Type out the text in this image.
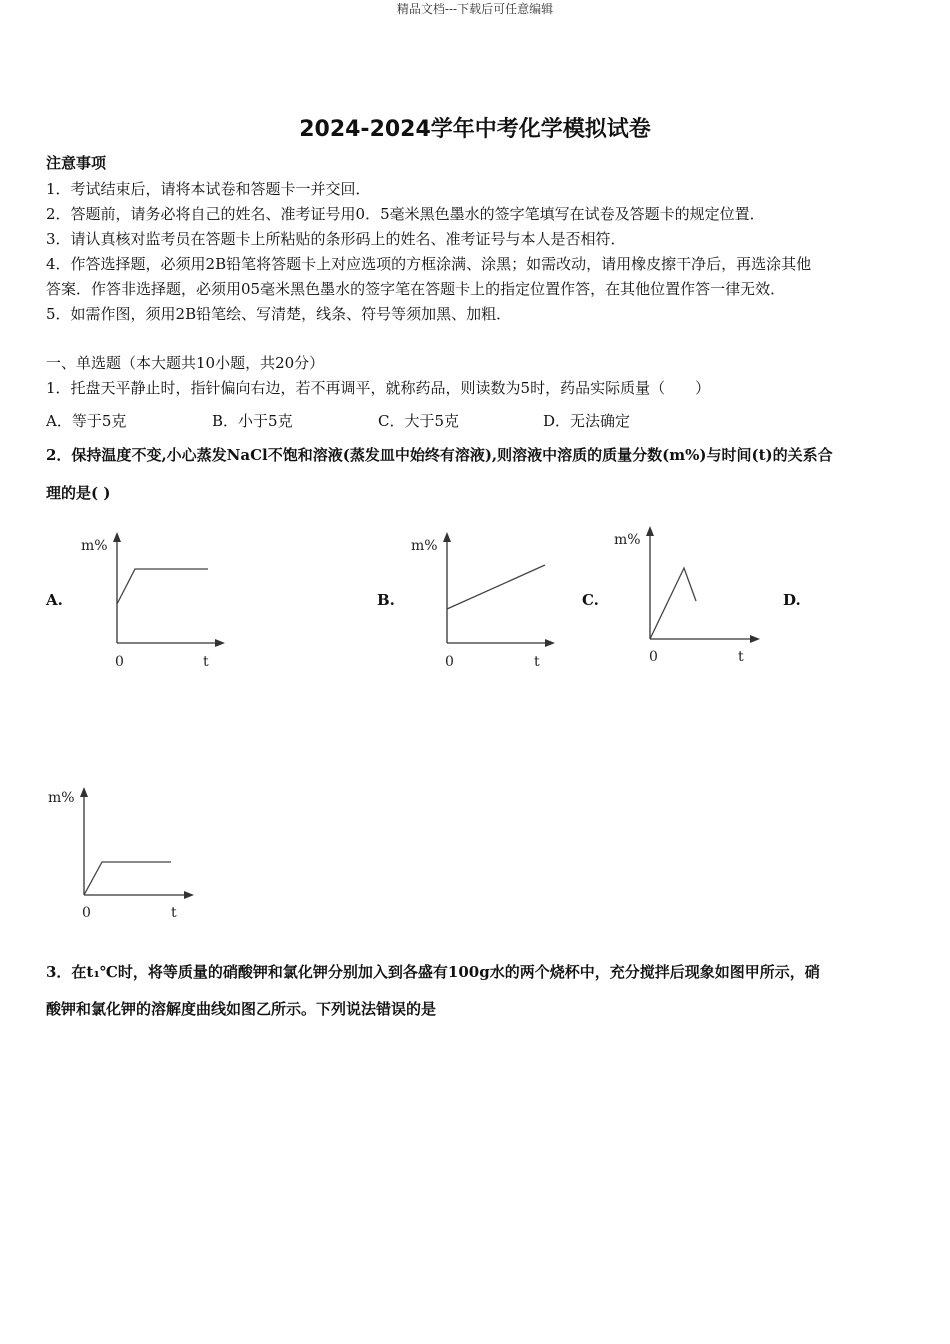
精品文档---下载后可任意编辑
2024-2024学年中考化学模拟试卷
注意事项
1．考试结束后，请将本试卷和答题卡一并交回．
2．答题前，请务必将自己的姓名、准考证号用0．5毫米黑色墨水的签字笔填写在试卷及答题卡的规定位置．
3．请认真核对监考员在答题卡上所粘贴的条形码上的姓名、准考证号与本人是否相符．
4．作答选择题，必须用2B铅笔将答题卡上对应选项的方框涂满、涂黑；如需改动，请用橡皮擦干净后，再选涂其他
答案．作答非选择题，必须用05毫米黑色墨水的签字笔在答题卡上的指定位置作答，在其他位置作答一律无效．
5．如需作图，须用2B铅笔绘、写清楚，线条、符号等须加黑、加粗．
一、单选题（本大题共10小题，共20分）
1．托盘天平静止时，指针偏向右边，若不再调平，就称药品，则读数为5时，药品实际质量（　　）
A．等于5克	B．小于5克	C．大于5克	D．无法确定
2．保持温度不变,小心蒸发NaCl不饱和溶液(蒸发皿中始终有溶液),则溶液中溶质的质量分数(m%)与时间(t)的关系合
理的是( )
A.	B.	C.	D.
m%
0	t
m%
0	t
m%
0	t
m%
0	t
3．在t₁℃时，将等质量的硝酸钾和氯化钾分别加入到各盛有100g水的两个烧杯中，充分搅拌后现象如图甲所示，硝
酸钾和氯化钾的溶解度曲线如图乙所示。下列说法错误的是
